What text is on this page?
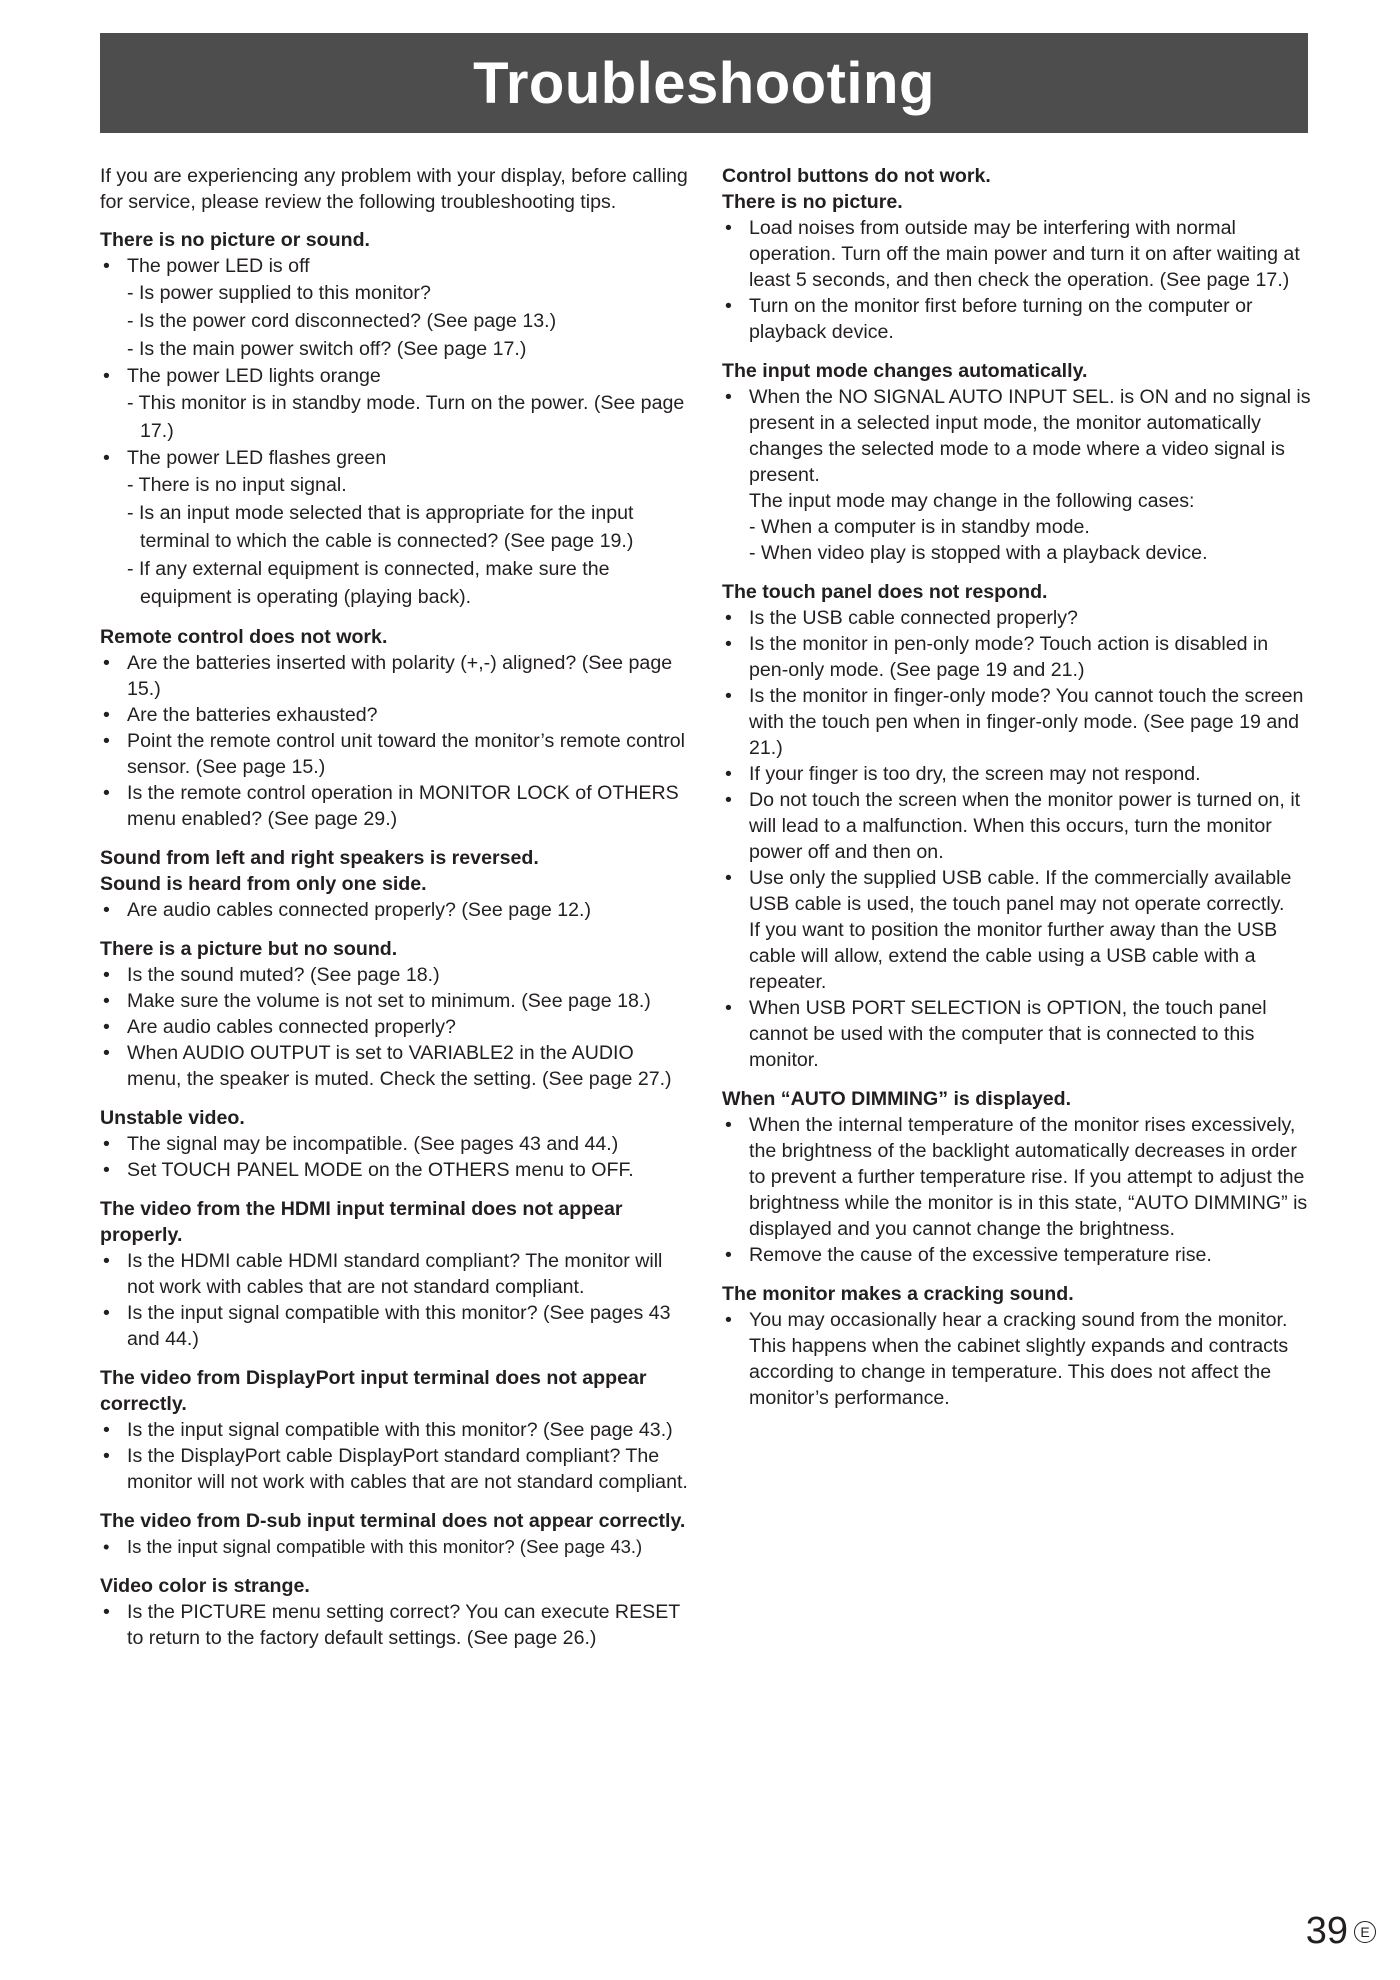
Troubleshooting

If you are experiencing any problem with your display, before calling for service, please review the following troubleshooting tips.

There is no picture or sound.
• The power LED is off
- Is power supplied to this monitor?
- Is the power cord disconnected? (See page 13.)
- Is the main power switch off? (See page 17.)
• The power LED lights orange
- This monitor is in standby mode. Turn on the power. (See page 17.)
• The power LED flashes green
- There is no input signal.
- Is an input mode selected that is appropriate for the input terminal to which the cable is connected? (See page 19.)
- If any external equipment is connected, make sure the equipment is operating (playing back).
Remote control does not work.
• Are the batteries inserted with polarity (+,-) aligned? (See page 15.)
• Are the batteries exhausted?
• Point the remote control unit toward the monitor’s remote control sensor. (See page 15.)
• Is the remote control operation in MONITOR LOCK of OTHERS menu enabled? (See page 29.)
Sound from left and right speakers is reversed.
Sound is heard from only one side.
• Are audio cables connected properly? (See page 12.)
There is a picture but no sound.
• Is the sound muted? (See page 18.)
• Make sure the volume is not set to minimum. (See page 18.)
• Are audio cables connected properly?
• When AUDIO OUTPUT is set to VARIABLE2 in the AUDIO menu, the speaker is muted. Check the setting. (See page 27.)
Unstable video.
• The signal may be incompatible. (See pages 43 and 44.)
• Set TOUCH PANEL MODE on the OTHERS menu to OFF.
The video from the HDMI input terminal does not appear properly.
• Is the HDMI cable HDMI standard compliant? The monitor will not work with cables that are not standard compliant.
• Is the input signal compatible with this monitor? (See pages 43 and 44.)
The video from DisplayPort input terminal does not appear correctly.
• Is the input signal compatible with this monitor? (See page 43.)
• Is the DisplayPort cable DisplayPort standard compliant? The monitor will not work with cables that are not standard compliant.
The video from D-sub input terminal does not appear correctly.
• Is the input signal compatible with this monitor? (See page 43.)
Video color is strange.
• Is the PICTURE menu setting correct? You can execute RESET to return to the factory default settings. (See page 26.)
Control buttons do not work.
There is no picture.
• Load noises from outside may be interfering with normal operation. Turn off the main power and turn it on after waiting at least 5 seconds, and then check the operation. (See page 17.)
• Turn on the monitor first before turning on the computer or playback device.
The input mode changes automatically.
• When the NO SIGNAL AUTO INPUT SEL. is ON and no signal is present in a selected input mode, the monitor automatically changes the selected mode to a mode where a video signal is present.
The input mode may change in the following cases:
- When a computer is in standby mode.
- When video play is stopped with a playback device.
The touch panel does not respond.
• Is the USB cable connected properly?
• Is the monitor in pen-only mode? Touch action is disabled in pen-only mode. (See page 19 and 21.)
• Is the monitor in finger-only mode? You cannot touch the screen with the touch pen when in finger-only mode. (See page 19 and 21.)
• If your finger is too dry, the screen may not respond.
• Do not touch the screen when the monitor power is turned on, it will lead to a malfunction. When this occurs, turn the monitor power off and then on.
• Use only the supplied USB cable. If the commercially available USB cable is used, the touch panel may not operate correctly.
If you want to position the monitor further away than the USB cable will allow, extend the cable using a USB cable with a repeater.
• When USB PORT SELECTION is OPTION, the touch panel cannot be used with the computer that is connected to this monitor.
When “AUTO DIMMING” is displayed.
• When the internal temperature of the monitor rises excessively, the brightness of the backlight automatically decreases in order to prevent a further temperature rise. If you attempt to adjust the brightness while the monitor is in this state, “AUTO DIMMING” is displayed and you cannot change the brightness.
• Remove the cause of the excessive temperature rise.
The monitor makes a cracking sound.
• You may occasionally hear a cracking sound from the monitor. This happens when the cabinet slightly expands and contracts according to change in temperature. This does not affect the monitor’s performance.
39 E
